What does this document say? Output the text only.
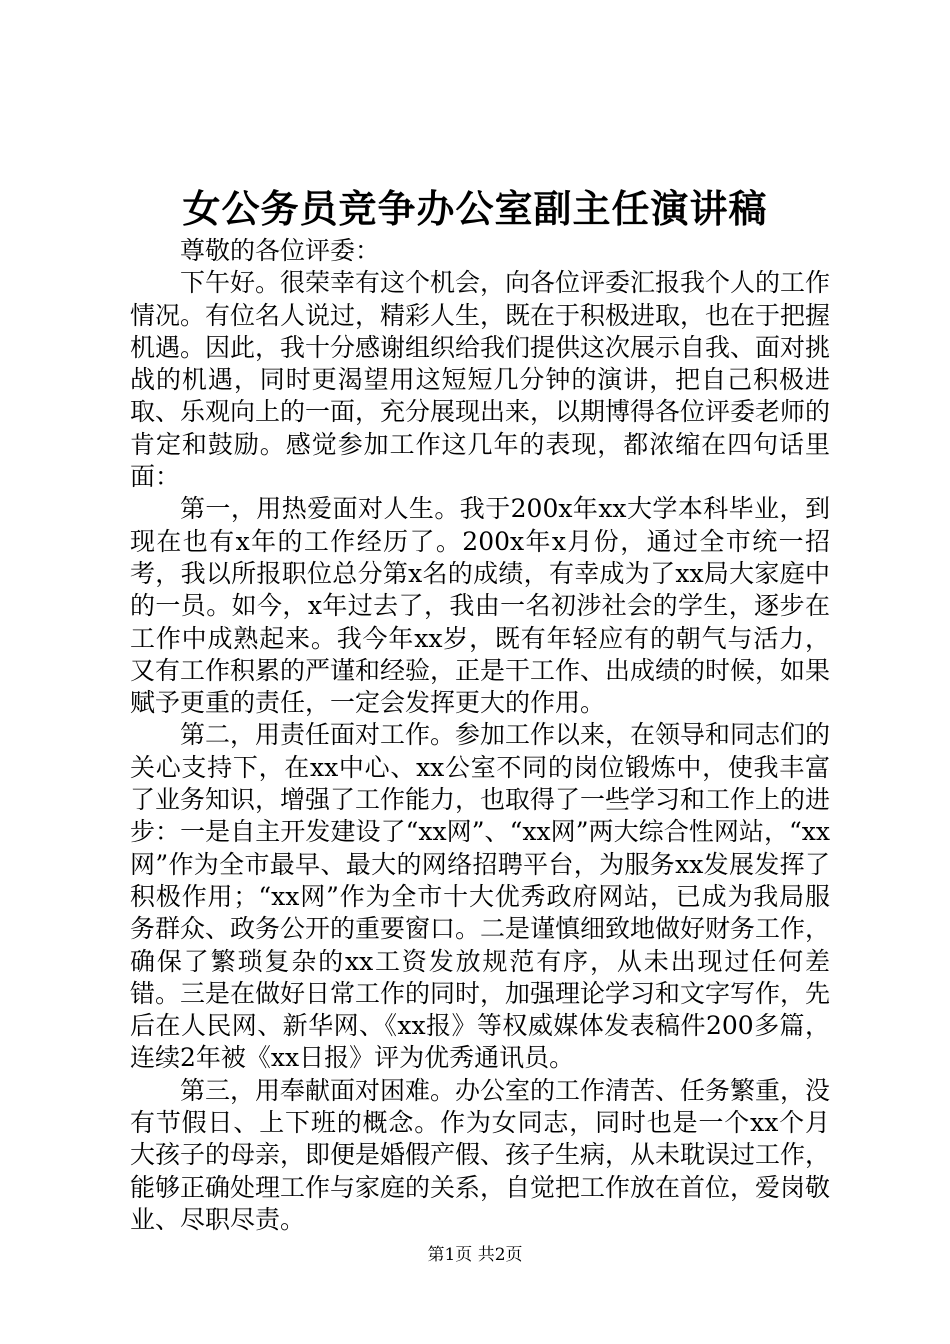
女公务员竞争办公室副主任演讲稿

尊敬的各位评委：

下午好。很荣幸有这个机会，向各位评委汇报我个人的工作情况。有位名人说过，精彩人生，既在于积极进取，也在于把握机遇。因此，我十分感谢组织给我们提供这次展示自我、面对挑战的机遇，同时更渴望用这短短几分钟的演讲，把自己积极进取、乐观向上的一面，充分展现出来，以期博得各位评委老师的肯定和鼓励。感觉参加工作这几年的表现，都浓缩在四句话里面：

第一，用热爱面对人生。我于200x年xx大学本科毕业，到现在也有x年的工作经历了。200x年x月份，通过全市统一招考，我以所报职位总分第x名的成绩，有幸成为了xx局大家庭中的一员。如今，x年过去了，我由一名初涉社会的学生，逐步在工作中成熟起来。我今年xx岁，既有年轻应有的朝气与活力，又有工作积累的严谨和经验，正是干工作、出成绩的时候，如果赋予更重的责任，一定会发挥更大的作用。

第二，用责任面对工作。参加工作以来，在领导和同志们的关心支持下，在xx中心、xx公室不同的岗位锻炼中，使我丰富了业务知识，增强了工作能力，也取得了一些学习和工作上的进步：一是自主开发建设了“xx网”、“xx网”两大综合性网站，“xx网”作为全市最早、最大的网络招聘平台，为服务xx发展发挥了积极作用；“xx网”作为全市十大优秀政府网站，已成为我局服务群众、政务公开的重要窗口。二是谨慎细致地做好财务工作，确保了繁琐复杂的xx工资发放规范有序，从未出现过任何差错。三是在做好日常工作的同时，加强理论学习和文字写作，先后在人民网、新华网、《xx报》等权威媒体发表稿件200多篇，连续2年被《xx日报》评为优秀通讯员。

第三，用奉献面对困难。办公室的工作清苦、任务繁重，没有节假日、上下班的概念。作为女同志，同时也是一个xx个月大孩子的母亲，即便是婚假产假、孩子生病，从未耽误过工作，能够正确处理工作与家庭的关系，自觉把工作放在首位，爱岗敬业、尽职尽责。

第1页 共2页
